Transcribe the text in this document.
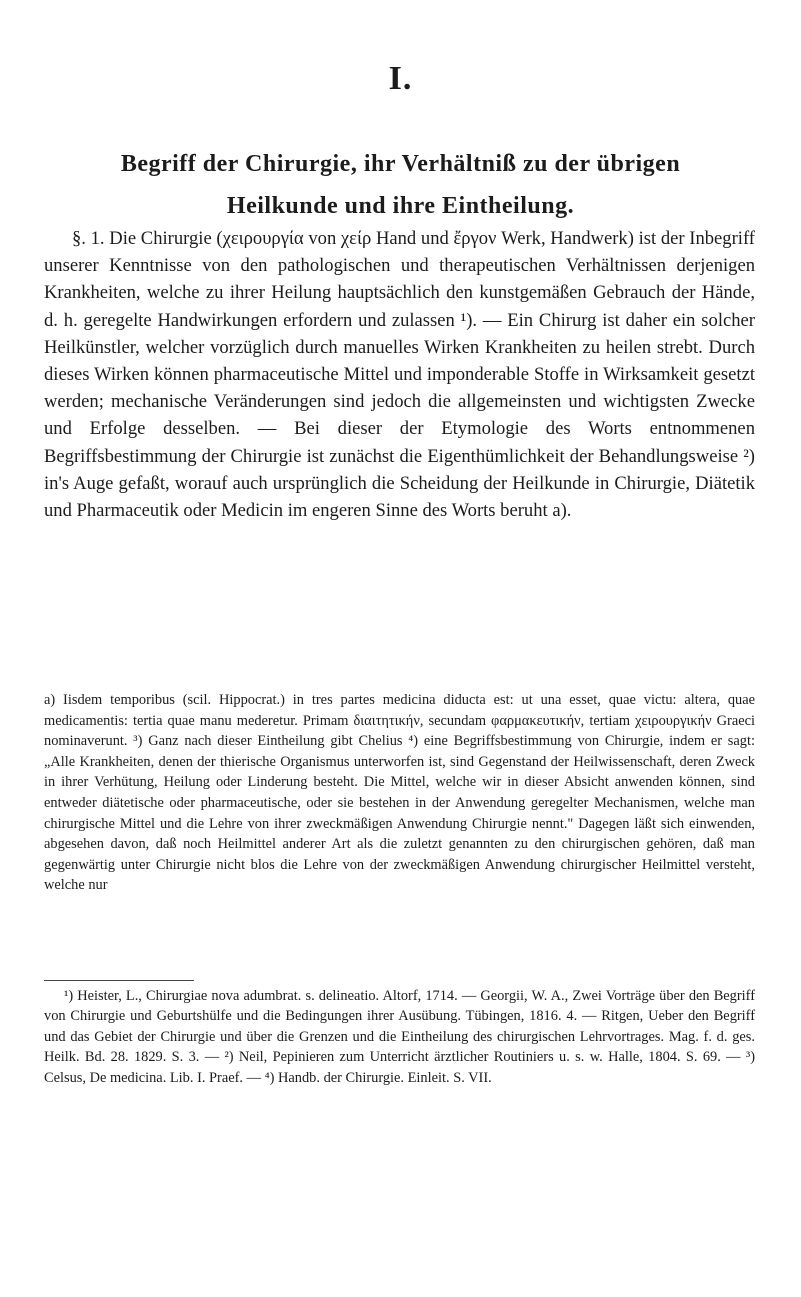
I.
Begriff der Chirurgie, ihr Verhältniß zu der übrigen
Heilkunde und ihre Eintheilung.

§. 1. Die Chirurgie (χειρουργία von χείρ Hand und ἔργον Werk, Handwerk) ist der Inbegriff unserer Kenntnisse von den pathologischen und therapeutischen Verhältnissen derjenigen Krankheiten, welche zu ihrer Heilung hauptsächlich den kunstgemäßen Gebrauch der Hände, d. h. geregelte Handwirkungen erfordern und zulassen ¹). — Ein Chirurg ist daher ein solcher Heilkünstler, welcher vorzüglich durch manuelles Wirken Krankheiten zu heilen strebt. Durch dieses Wirken können pharmaceutische Mittel und imponderable Stoffe in Wirksamkeit gesetzt werden; mechanische Veränderungen sind jedoch die allgemeinsten und wichtigsten Zwecke und Erfolge desselben. — Bei dieser der Etymologie des Worts entnommenen Begriffsbestimmung der Chirurgie ist zunächst die Eigenthümlichkeit der Behandlungsweise ²) in's Auge gefaßt, worauf auch ursprünglich die Scheidung der Heilkunde in Chirurgie, Diätetik und Pharmaceutik oder Medicin im engeren Sinne des Worts beruht a).

a) Iisdem temporibus (scil. Hippocrat.) in tres partes medicina diducta est: ut una esset, quae victu: altera, quae medicamentis: tertia quae manu mederetur. Primam διαιτητικήν, secundam φαρμακευτικήν, tertiam χειρουργικήν Graeci nominaverunt. ³) Ganz nach dieser Eintheilung gibt Chelius ⁴) eine Begriffsbestimmung von Chirurgie, indem er sagt: „Alle Krankheiten, denen der thierische Organismus unterworfen ist, sind Gegenstand der Heilwissenschaft, deren Zweck in ihrer Verhütung, Heilung oder Linderung besteht. Die Mittel, welche wir in dieser Absicht anwenden können, sind entweder diätetische oder pharmaceutische, oder sie bestehen in der Anwendung geregelter Mechanismen, welche man chirurgische Mittel und die Lehre von ihrer zweckmäßigen Anwendung Chirurgie nennt." Dagegen läßt sich einwenden, abgesehen davon, daß noch Heilmittel anderer Art als die zuletzt genannten zu den chirurgischen gehören, daß man gegenwärtig unter Chirurgie nicht blos die Lehre von der zweckmäßigen Anwendung chirurgischer Heilmittel versteht, welche nur

¹) Heister, L., Chirurgiae nova adumbrat. s. delineatio. Altorf, 1714. — Georgii, W. A., Zwei Vorträge über den Begriff von Chirurgie und Geburtshülfe und die Bedingungen ihrer Ausübung. Tübingen, 1816. 4. — Ritgen, Ueber den Begriff und das Gebiet der Chirurgie und über die Grenzen und die Eintheilung des chirurgischen Lehrvortrages. Mag. f. d. ges. Heilk. Bd. 28. 1829. S. 3. — ²) Neil, Pepinieren zum Unterricht ärztlicher Routiniers u. s. w. Halle, 1804. S. 69. — ³) Celsus, De medicina. Lib. I. Praef. — ⁴) Handb. der Chirurgie. Einleit. S. VII.
